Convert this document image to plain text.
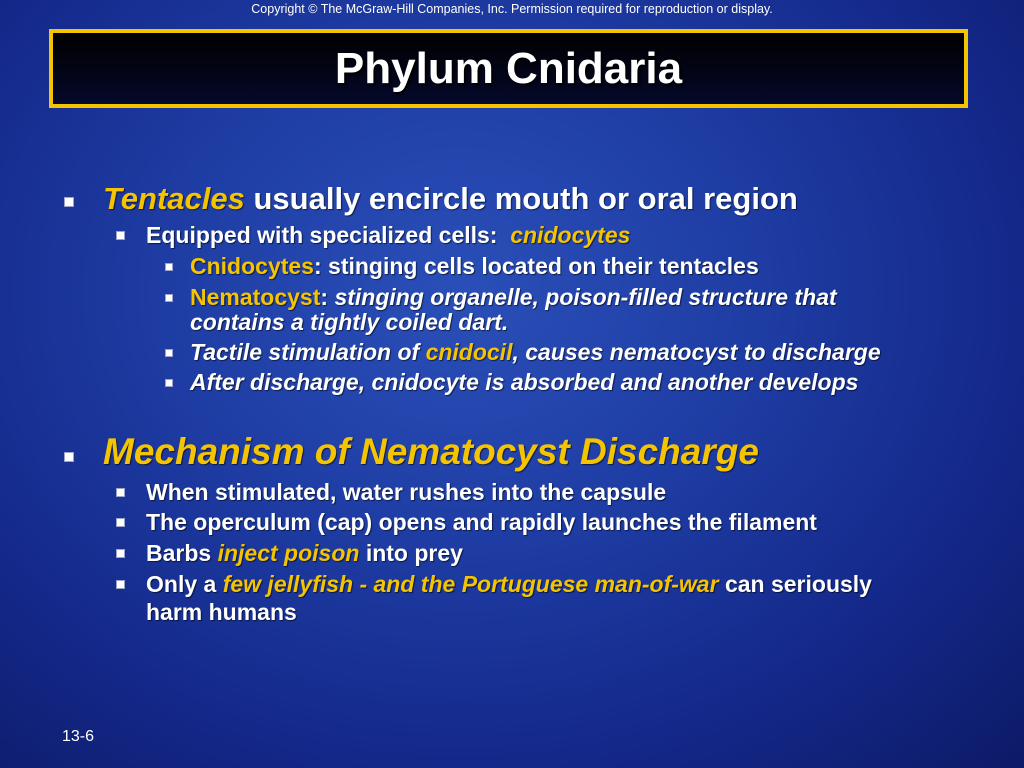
Copyright © The McGraw-Hill Companies, Inc. Permission required for reproduction or display.
Phylum Cnidaria
Tentacles usually encircle mouth or oral region
Equipped with specialized cells:  cnidocytes
Cnidocytes: stinging cells located on their tentacles
Nematocyst: stinging organelle, poison-filled structure that
contains a tightly coiled dart.
Tactile stimulation of cnidocil, causes nematocyst to discharge
After discharge, cnidocyte is absorbed and another develops
Mechanism of Nematocyst Discharge
When stimulated, water rushes into the capsule
The operculum (cap) opens and rapidly launches the filament
Barbs inject poison into prey
Only a few jellyfish - and the Portuguese man-of-war can seriously
harm humans
13-6
